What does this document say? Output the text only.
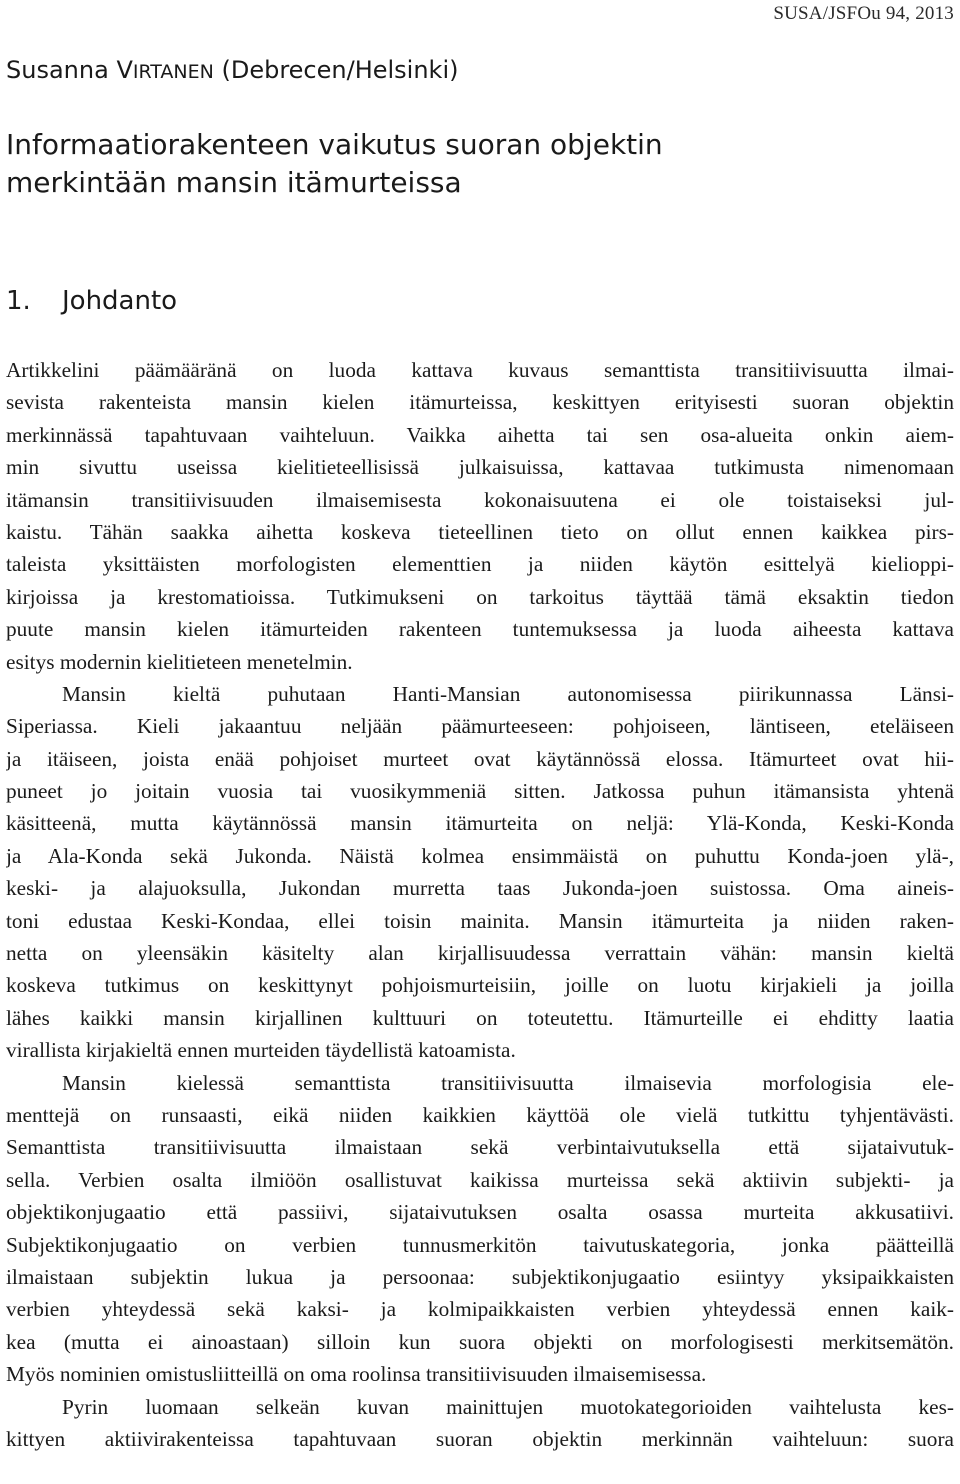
SUSA/JSFOu 94, 2013
Susanna VIRTANEN (Debrecen/Helsinki)
Informaatiorakenteen vaikutus suoran objektin
merkintään mansin itämurteissa
1. Johdanto
Artikkelini päämääränä on luoda kattava kuvaus semanttista transitiivisuutta ilmai-
sevista rakenteista mansin kielen itämurteissa, keskittyen erityisesti suoran objektin
merkinnässä tapahtuvaan vaihteluun. Vaikka aihetta tai sen osa-alueita onkin aiem-
min sivuttu useissa kielitieteellisissä julkaisuissa, kattavaa tutkimusta nimenomaan
itämansin transitiivisuuden ilmaisemisesta kokonaisuutena ei ole toistaiseksi jul-
kaistu. Tähän saakka aihetta koskeva tieteellinen tieto on ollut ennen kaikkea pirs-
taleista yksittäisten morfologisten elementtien ja niiden käytön esittelyä kielioppi-
kirjoissa ja krestomatioissa. Tutkimukseni on tarkoitus täyttää tämä eksaktin tiedon
puute mansin kielen itämurteiden rakenteen tuntemuksessa ja luoda aiheesta kattava
esitys modernin kielitieteen menetelmin.
Mansin kieltä puhutaan Hanti-Mansian autonomisessa piirikunnassa Länsi-
Siperiassa. Kieli jakaantuu neljään päämurteeseen: pohjoiseen, läntiseen, eteläiseen
ja itäiseen, joista enää pohjoiset murteet ovat käytännössä elossa. Itämurteet ovat hii-
puneet jo joitain vuosia tai vuosikymmeniä sitten. Jatkossa puhun itämansista yhtenä
käsitteenä, mutta käytännössä mansin itämurteita on neljä: Ylä-Konda, Keski-Konda
ja Ala-Konda sekä Jukonda. Näistä kolmea ensimmäistä on puhuttu Konda-joen ylä-,
keski- ja alajuoksulla, Jukondan murretta taas Jukonda-joen suistossa. Oma aineis-
toni edustaa Keski-Kondaa, ellei toisin mainita. Mansin itämurteita ja niiden raken-
netta on yleensäkin käsitelty alan kirjallisuudessa verrattain vähän: mansin kieltä
koskeva tutkimus on keskittynyt pohjoismurteisiin, joille on luotu kirjakieli ja joilla
lähes kaikki mansin kirjallinen kulttuuri on toteutettu. Itämurteille ei ehditty laatia
virallista kirjakieltä ennen murteiden täydellistä katoamista.
Mansin kielessä semanttista transitiivisuutta ilmaisevia morfologisia ele-
menttejä on runsaasti, eikä niiden kaikkien käyttöä ole vielä tutkittu tyhjentävästi.
Semanttista transitiivisuutta ilmaistaan sekä verbintaivutuksella että sijataivutuk-
sella. Verbien osalta ilmiöön osallistuvat kaikissa murteissa sekä aktiivin subjekti- ja
objektikonjugaatio että passiivi, sijataivutuksen osalta osassa murteita akkusatiivi.
Subjektikonjugaatio on verbien tunnusmerkitön taivutuskategoria, jonka päätteillä
ilmaistaan subjektin lukua ja persoonaa: subjektikonjugaatio esiintyy yksipaikkaisten
verbien yhteydessä sekä kaksi- ja kolmipaikkaisten verbien yhteydessä ennen kaik-
kea (mutta ei ainoastaan) silloin kun suora objekti on morfologisesti merkitsemätön.
Myös nominien omistusliitteillä on oma roolinsa transitiivisuuden ilmaisemisessa.
Pyrin luomaan selkeän kuvan mainittujen muotokategorioiden vaihtelusta kes-
kittyen aktiivirakenteissa tapahtuvaan suoran objektin merkinnän vaihteluun: suora
